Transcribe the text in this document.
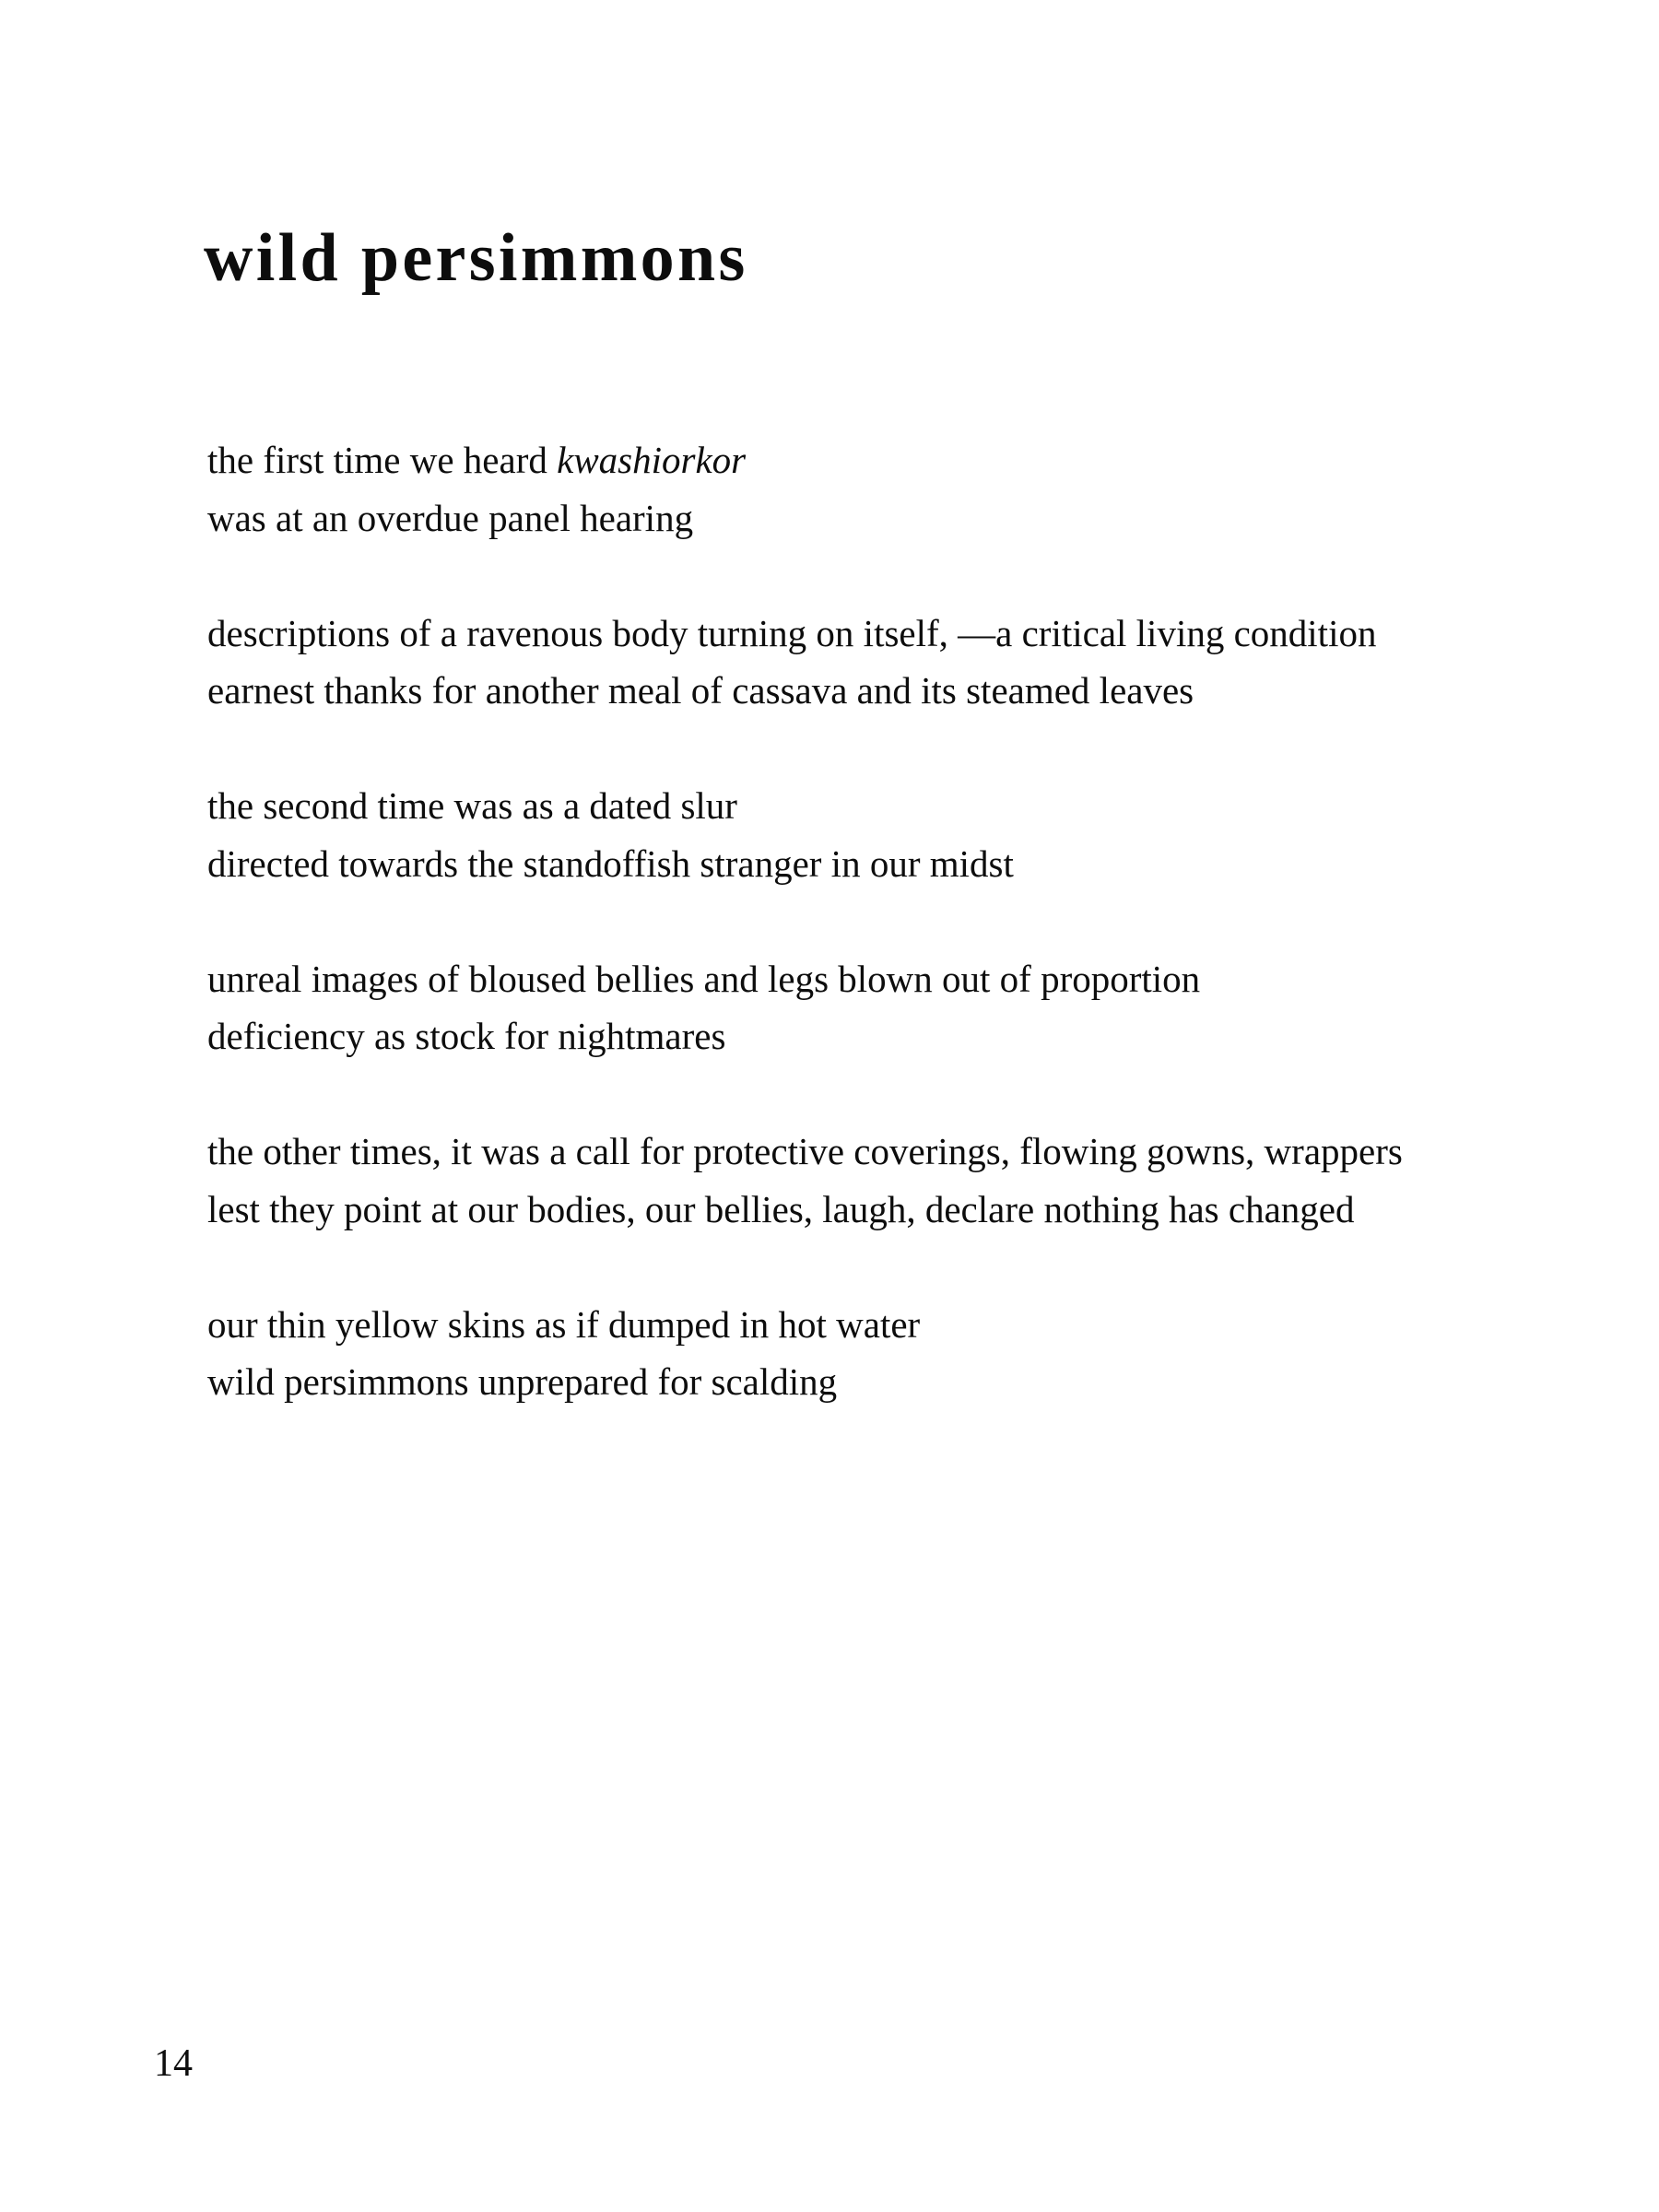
wild persimmons
the first time we heard kwashiorkor
was at an overdue panel hearing
descriptions of a ravenous body turning on itself, —a critical living condition
earnest thanks for another meal of cassava and its steamed leaves
the second time was as a dated slur
directed towards the standoffish stranger in our midst
unreal images of bloused bellies and legs blown out of proportion
deficiency as stock for nightmares
the other times, it was a call for protective coverings, flowing gowns, wrappers
lest they point at our bodies, our bellies, laugh, declare nothing has changed
our thin yellow skins as if dumped in hot water
wild persimmons unprepared for scalding
14
